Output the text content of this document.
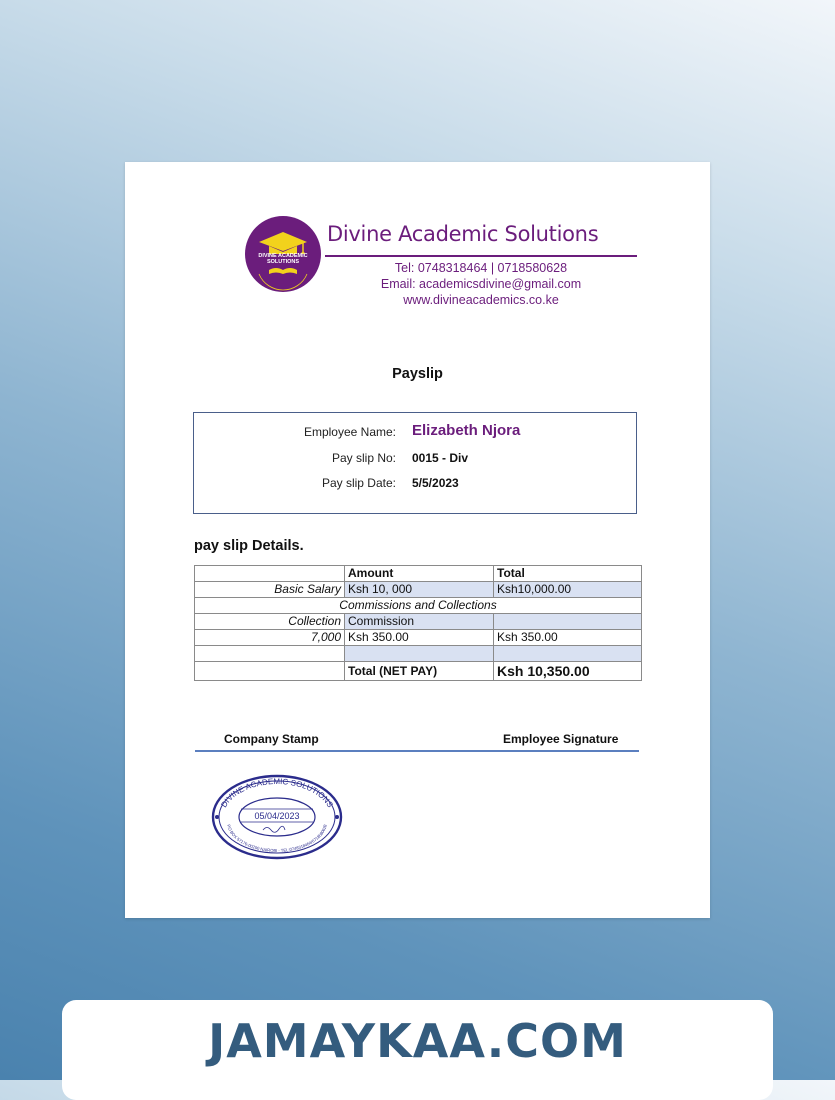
DIVINE ACADEMIC SOLUTIONS
Divine Academic Solutions
Tel: 0748318464 | 0718580628
Email: academicsdivine@gmail.com
www.divineacademics.co.ke
Payslip
Employee Name: Elizabeth Njora
Pay slip No: 0015 - Div
Pay slip Date: 5/5/2023
pay slip Details.
	Amount	Total
Basic Salary	Ksh 10, 000	Ksh10,000.00
Commissions and Collections		
Collection	Commission	
7,000	Ksh 350.00	Ksh 350.00

	Total (NET PAY)	Ksh 10,350.00
Company Stamp	Employee Signature
DIVINE ACADEMIC SOLUTIONS
P.O BOX 57176-00200 NAIROBI - TEL:0748318464/0718580628
05/04/2023
JAMAYKAA.COM
